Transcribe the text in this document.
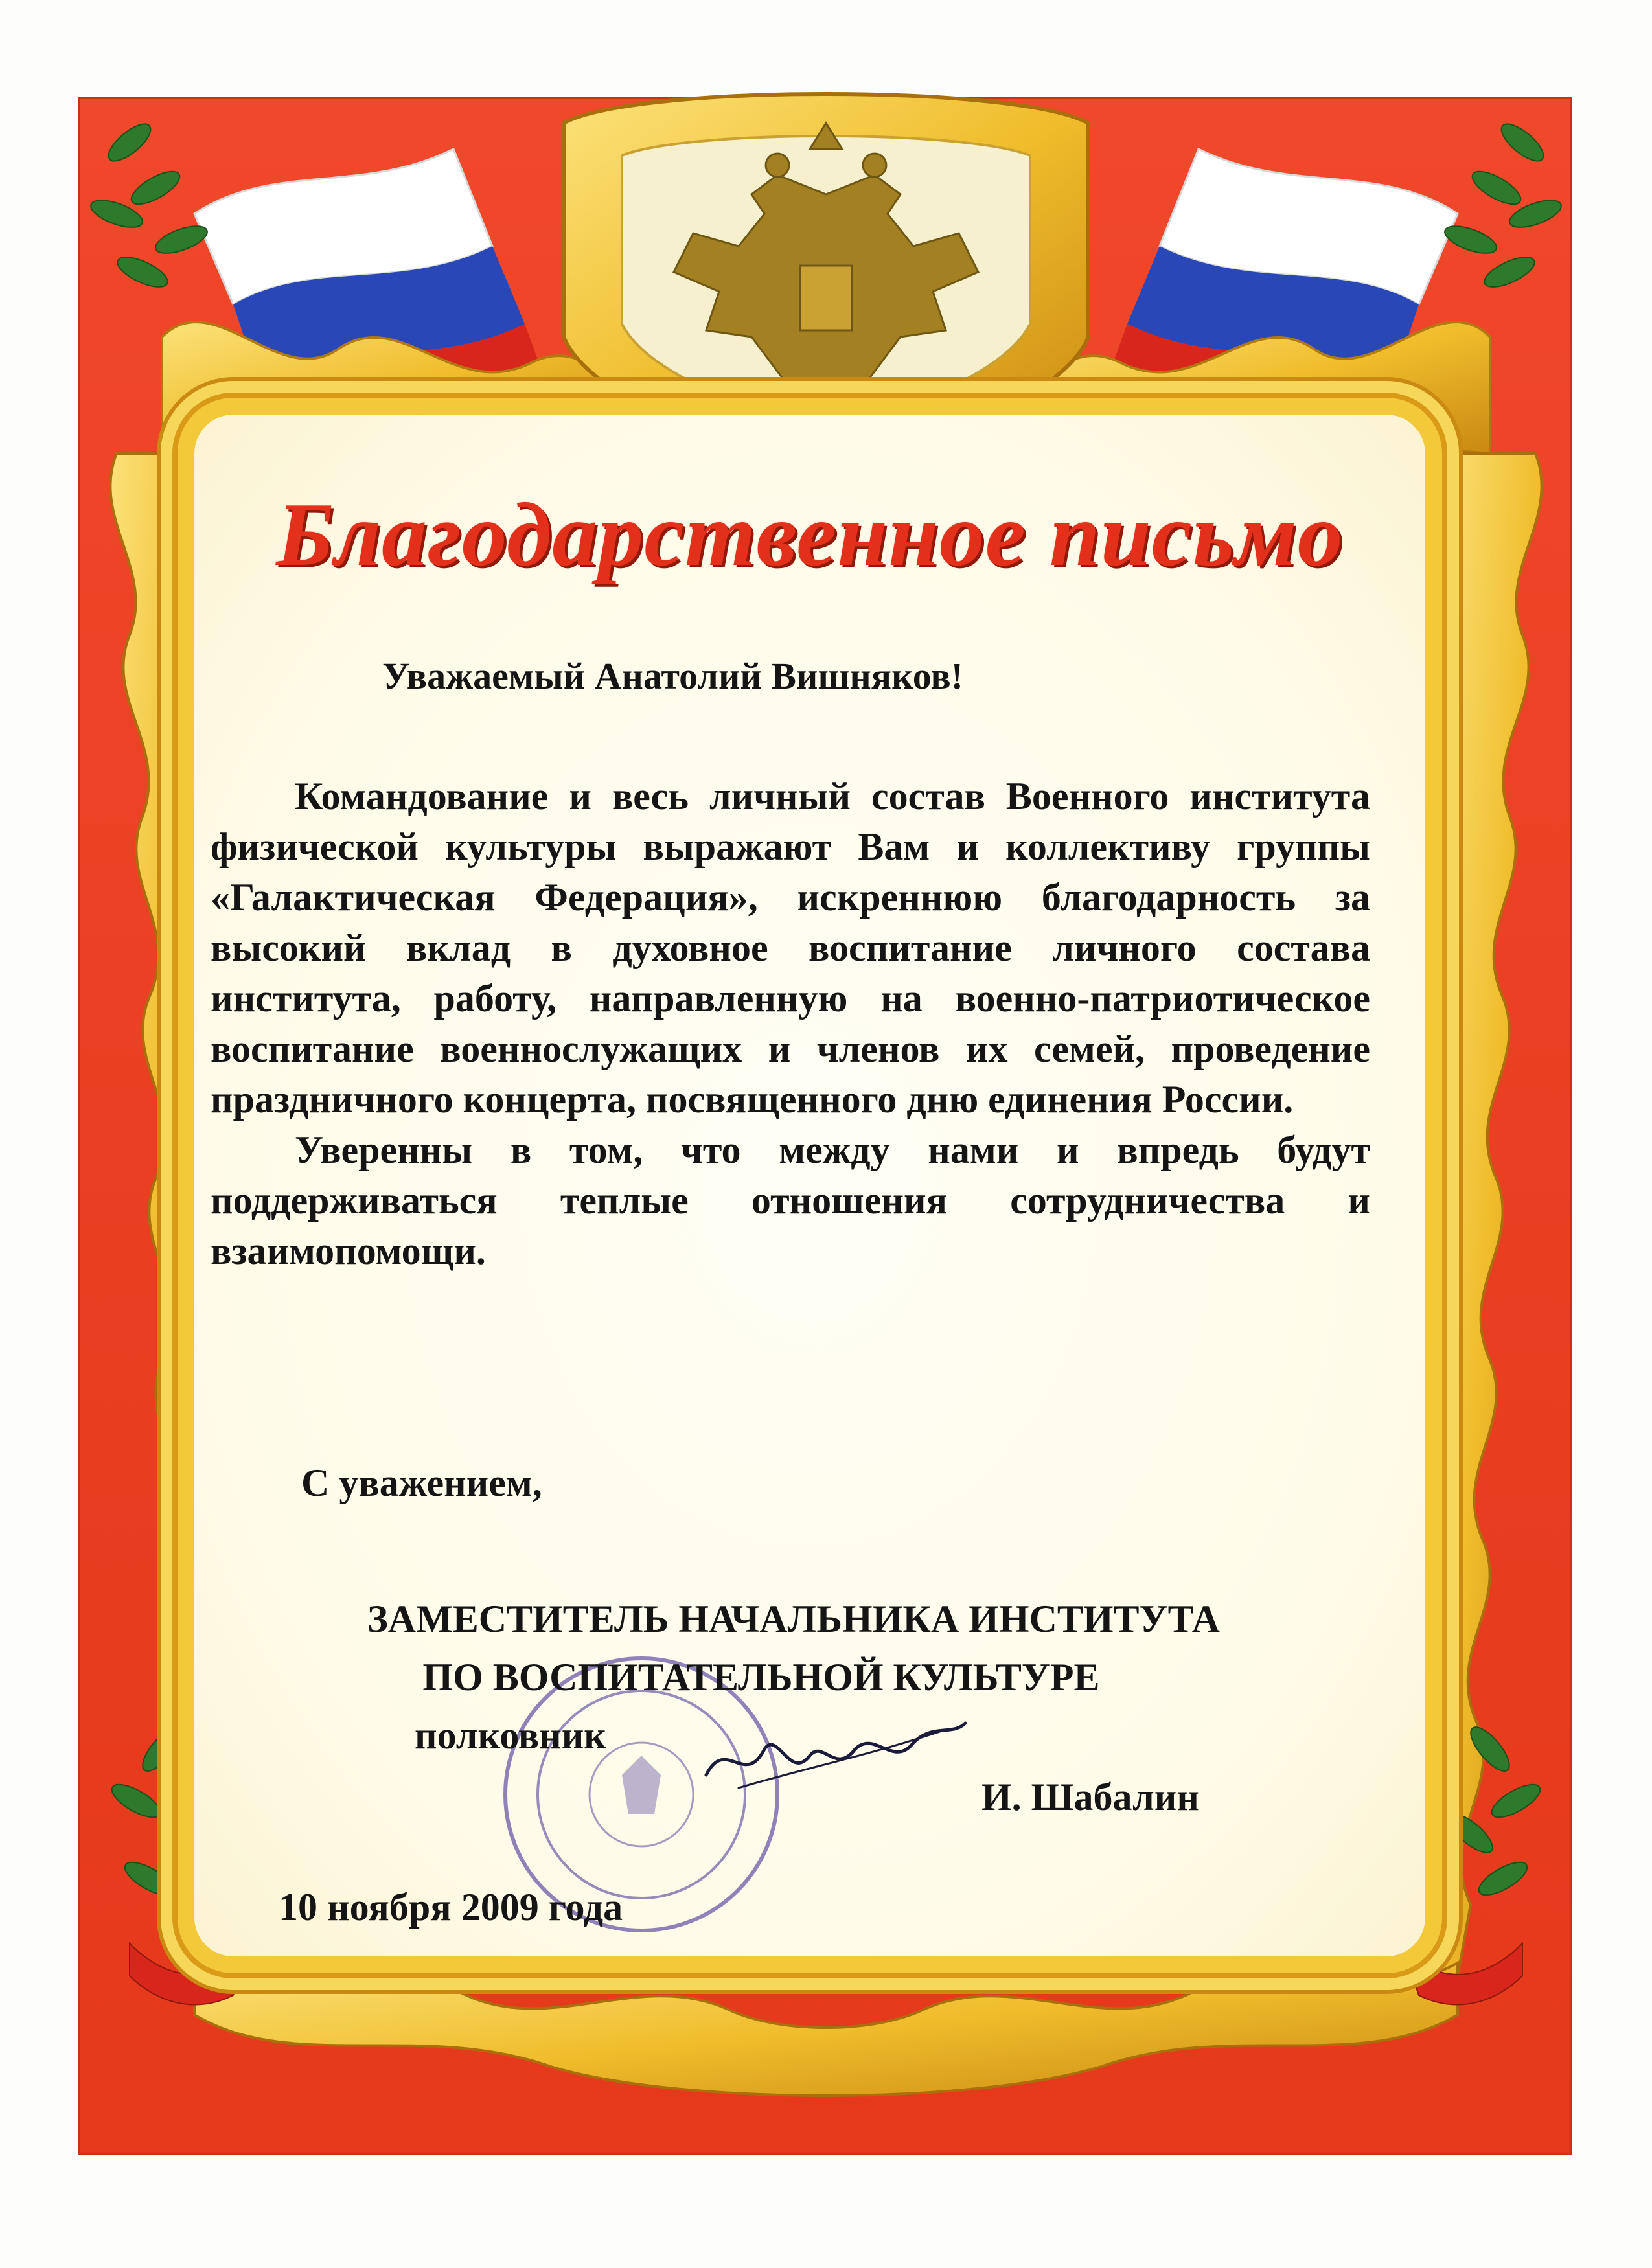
Благодарственное письмо
Уважаемый Анатолий Вишняков!

Командование и весь личный состав Военного института физической культуры выражают Вам и коллективу группы «Галактическая Федерация», искреннюю благодарность за высокий вклад в духовное воспитание личного состава института, работу, направленную на военно-патриотическое воспитание военнослужащих и членов их семей, проведение праздничного концерта, посвященного дню единения России.

Уверенны в том, что между нами и впредь будут поддерживаться теплые отношения сотрудничества и взаимопомощи.

С уважением,
ЗАМЕСТИТЕЛЬ НАЧАЛЬНИКА ИНСТИТУТА
ПО ВОСПИТАТЕЛЬНОЙ КУЛЬТУРЕ
полковник
И. Шабалин
10 ноября 2009 года
